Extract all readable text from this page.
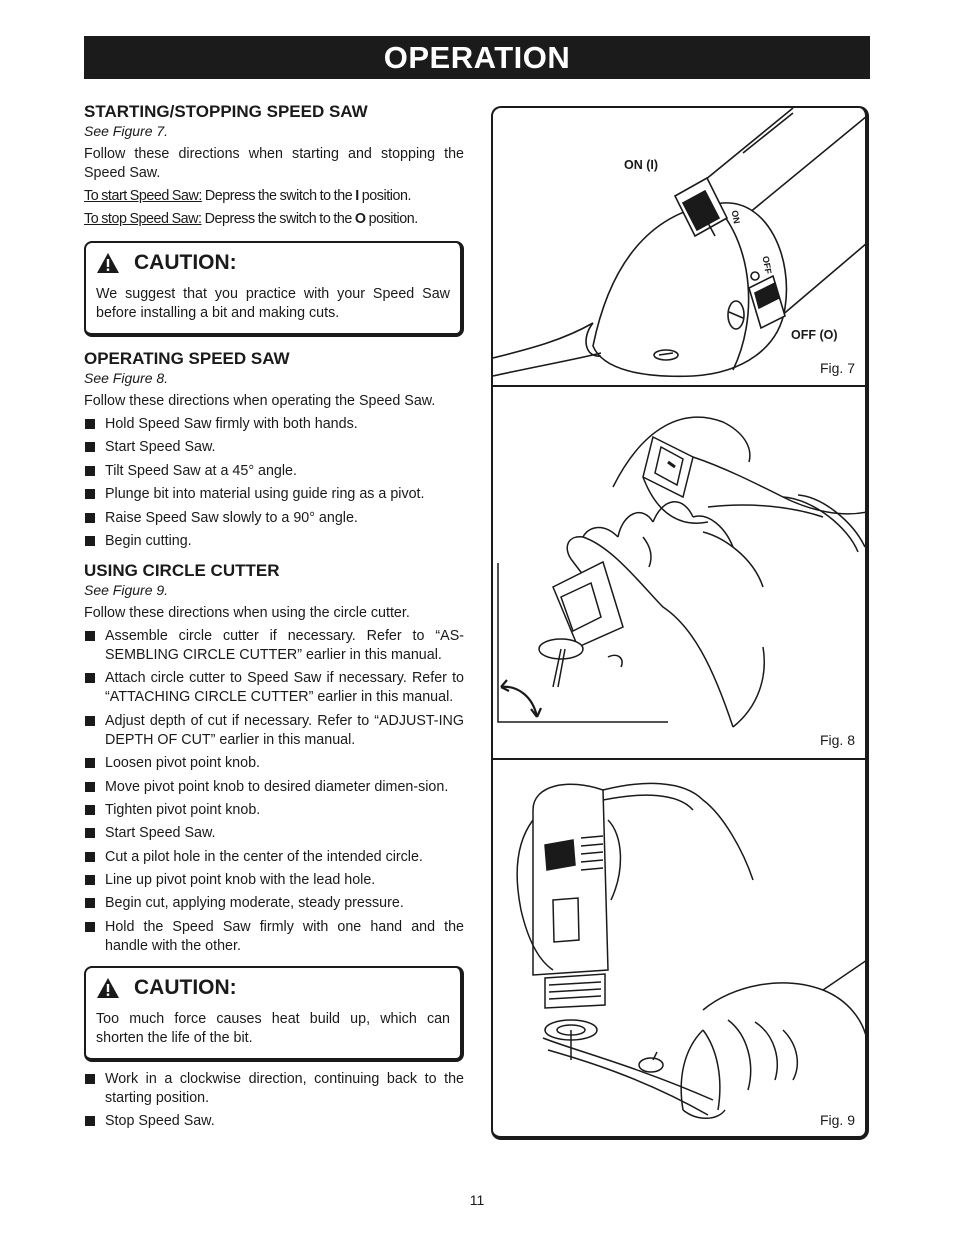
OPERATION
STARTING/STOPPING SPEED SAW

See Figure 7.

Follow these directions when starting and stopping the Speed Saw.

To start Speed Saw: Depress the switch to the I position.

To stop Speed Saw: Depress the switch to the O position.

CAUTION:

We suggest that you practice with your Speed Saw before installing a bit and making cuts.

OPERATING SPEED SAW

See Figure 8.

Follow these directions when operating the Speed Saw.

Hold Speed Saw firmly with both hands.
Start Speed Saw.
Tilt Speed Saw at a 45° angle.
Plunge bit into material using guide ring as a pivot.
Raise Speed Saw slowly to a 90° angle.
Begin cutting.
USING CIRCLE CUTTER

See Figure 9.

Follow these directions when using the circle cutter.

Assemble circle cutter if necessary. Refer to “AS-SEMBLING CIRCLE CUTTER” earlier in this manual.
Attach circle cutter to Speed Saw if necessary. Refer to “ATTACHING CIRCLE CUTTER” earlier in this manual.
Adjust depth of cut if necessary. Refer to “ADJUST-ING DEPTH OF CUT” earlier in this manual.
Loosen pivot point knob.
Move pivot point knob to desired diameter dimen-sion.
Tighten pivot point knob.
Start Speed Saw.
Cut a pilot hole in the center of the intended circle.
Line up pivot point knob with the lead hole.
Begin cut, applying moderate, steady pressure.
Hold the Speed Saw firmly with one hand and the handle with the other.
CAUTION:

Too much force causes heat build up, which can shorten the life of the bit.

Work in a clockwise direction, continuing back to the starting position.
Stop Speed Saw.
ON (I)
ON
OFF
OFF (O)
Fig. 7
Fig. 8
Fig. 9
11
